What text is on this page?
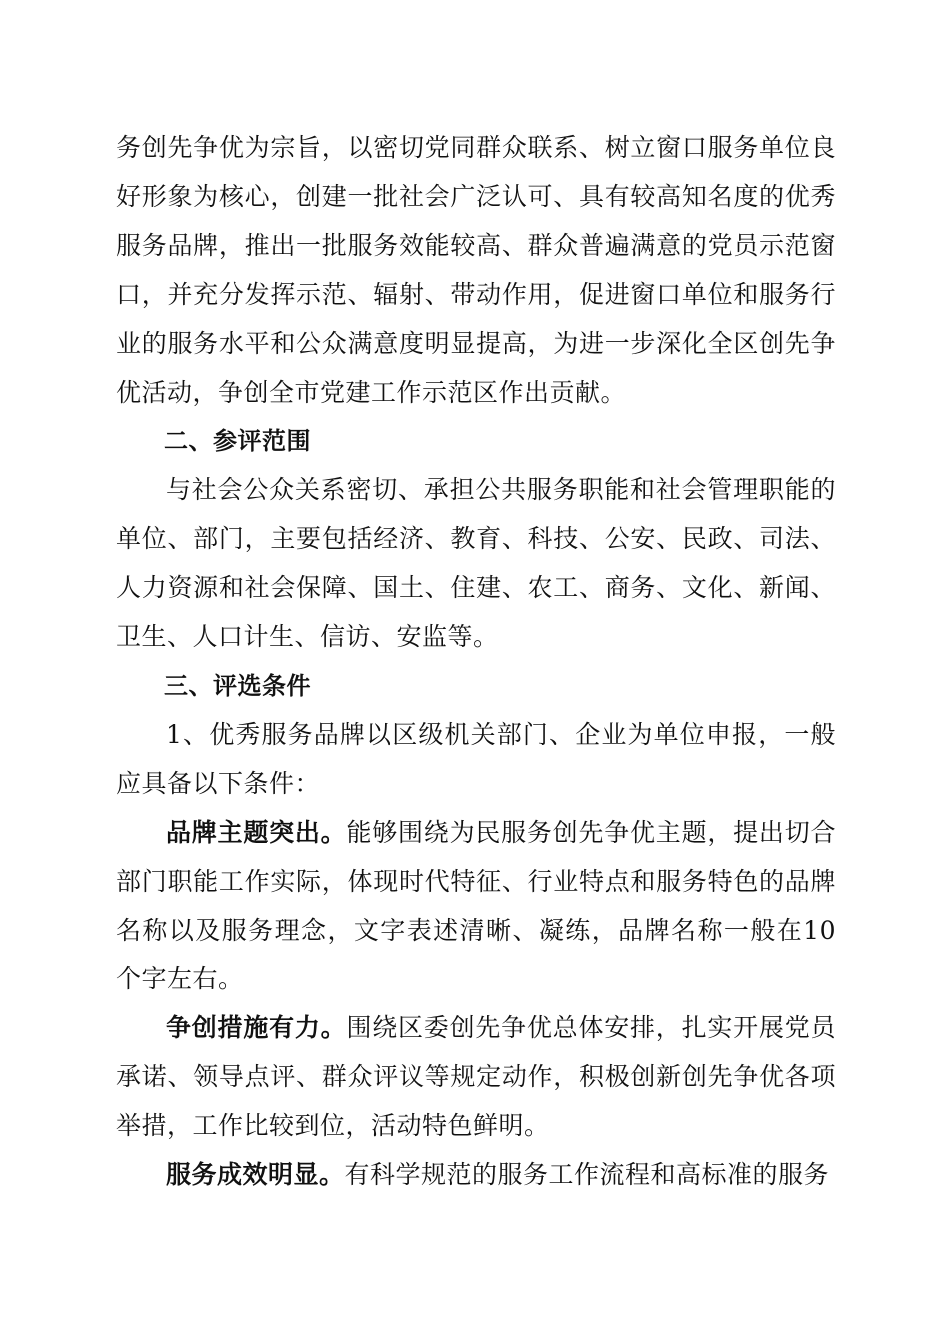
务创先争优为宗旨，以密切党同群众联系、树立窗口服务单位良好形象为核心，创建一批社会广泛认可、具有较高知名度的优秀服务品牌，推出一批服务效能较高、群众普遍满意的党员示范窗口，并充分发挥示范、辐射、带动作用，促进窗口单位和服务行业的服务水平和公众满意度明显提高，为进一步深化全区创先争优活动，争创全市党建工作示范区作出贡献。

二、参评范围

与社会公众关系密切、承担公共服务职能和社会管理职能的单位、部门，主要包括经济、教育、科技、公安、民政、司法、人力资源和社会保障、国土、住建、农工、商务、文化、新闻、卫生、人口计生、信访、安监等。

三、评选条件

1、优秀服务品牌以区级机关部门、企业为单位申报，一般应具备以下条件：

品牌主题突出。能够围绕为民服务创先争优主题，提出切合部门职能工作实际，体现时代特征、行业特点和服务特色的品牌名称以及服务理念，文字表述清晰、凝练，品牌名称一般在10个字左右。

争创措施有力。围绕区委创先争优总体安排，扎实开展党员承诺、领导点评、群众评议等规定动作，积极创新创先争优各项举措，工作比较到位，活动特色鲜明。

服务成效明显。有科学规范的服务工作流程和高标准的服务
